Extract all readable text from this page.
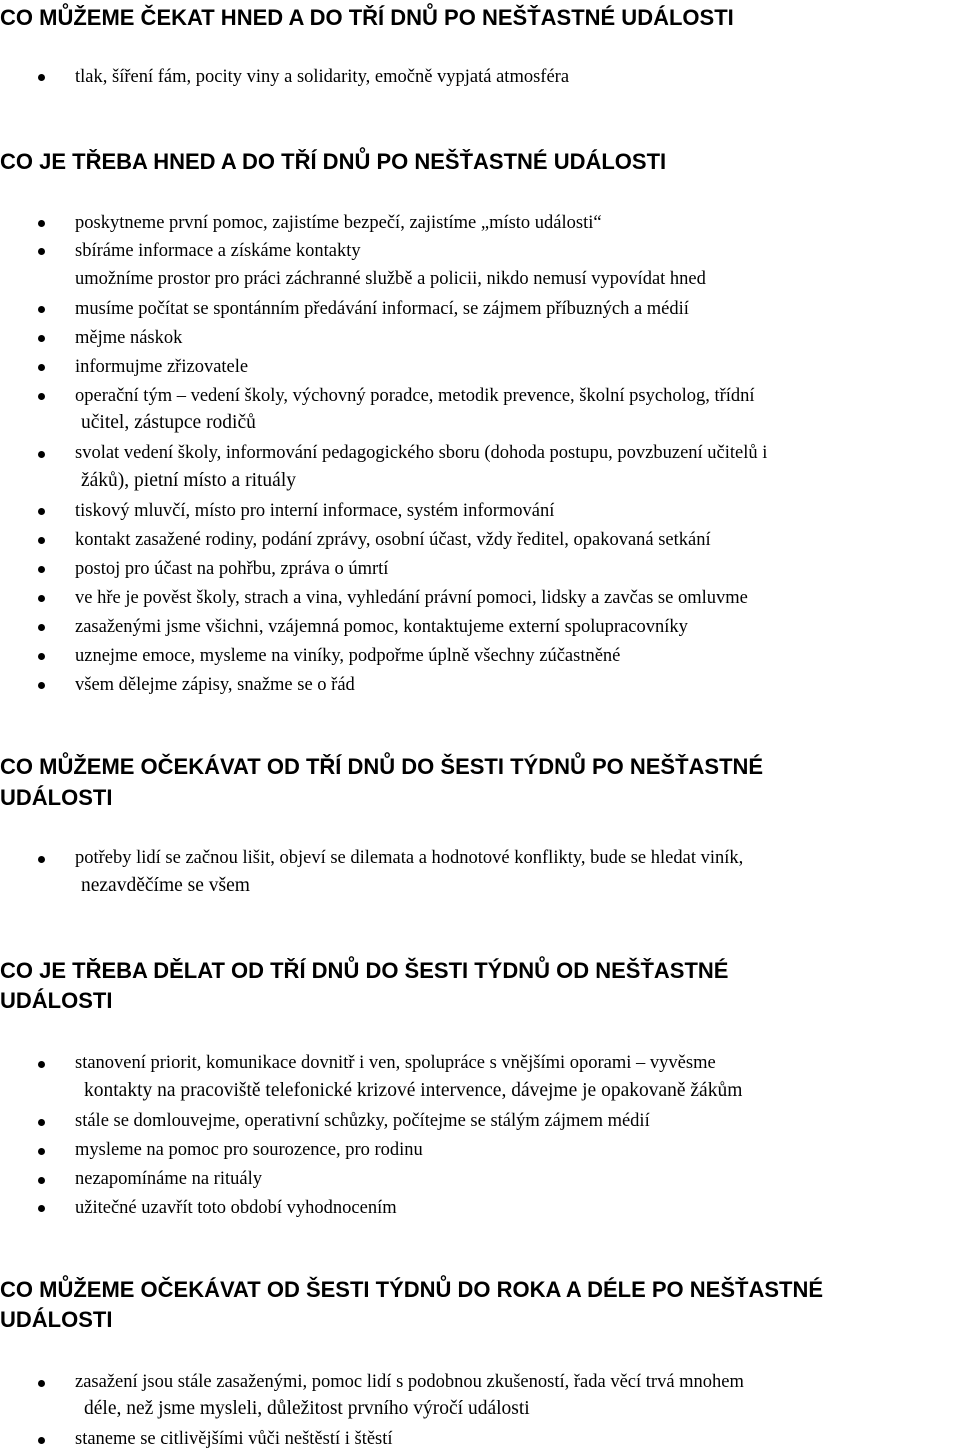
CO MŮŽEME ČEKAT HNED A DO TŘÍ DNŮ PO NEŠŤASTNÉ UDÁLOSTI
tlak, šíření fám, pocity viny a solidarity, emočně vypjatá atmosféra
CO JE TŘEBA HNED A DO TŘÍ DNŮ PO NEŠŤASTNÉ UDÁLOSTI
poskytneme první pomoc, zajistíme bezpečí, zajistíme „místo události“
sbíráme informace a získáme kontakty
umožníme prostor pro práci záchranné službě a policii, nikdo nemusí vypovídat hned
musíme počítat se spontánním předávání informací, se zájmem příbuzných a médií
mějme náskok
informujme zřizovatele
operační tým – vedení školy, výchovný poradce, metodik prevence, školní psycholog, třídní
učitel, zástupce rodičů
svolat vedení školy, informování pedagogického sboru (dohoda postupu, povzbuzení učitelů i
žáků), pietní místo a rituály
tiskový mluvčí, místo pro interní informace, systém informování
kontakt zasažené rodiny, podání zprávy, osobní účast, vždy ředitel, opakovaná setkání
postoj pro účast na pohřbu, zpráva o úmrtí
ve hře je pověst školy, strach a vina, vyhledání právní pomoci, lidsky a zavčas se omluvme
zasaženými jsme všichni, vzájemná pomoc, kontaktujeme externí spolupracovníky
uznejme emoce, mysleme na viníky, podpořme úplně všechny zúčastněné
všem dělejme zápisy, snažme se o řád
CO MŮŽEME OČEKÁVAT OD TŘÍ DNŮ DO ŠESTI TÝDNŮ PO NEŠŤASTNÉ
UDÁLOSTI
potřeby lidí se začnou lišit, objeví se dilemata a hodnotové konflikty, bude se hledat viník,
nezavděčíme se všem
CO JE TŘEBA DĚLAT OD TŘÍ DNŮ DO ŠESTI TÝDNŮ OD NEŠŤASTNÉ
UDÁLOSTI
stanovení priorit, komunikace dovnitř i ven, spolupráce s vnějšími oporami – vyvěsme
kontakty na pracoviště telefonické krizové intervence, dávejme je opakovaně žákům
stále se domlouvejme, operativní schůzky, počítejme se stálým zájmem médií
mysleme na pomoc pro sourozence, pro rodinu
nezapomínáme na rituály
užitečné uzavřít toto období vyhodnocením
CO MŮŽEME OČEKÁVAT OD ŠESTI TÝDNŮ DO ROKA A DÉLE PO NEŠŤASTNÉ
UDÁLOSTI
zasažení jsou stále zasaženými, pomoc lidí s podobnou zkušeností, řada věcí trvá mnohem
déle, než jsme mysleli, důležitost prvního výročí události
staneme se citlivějšími vůči neštěstí i štěstí
